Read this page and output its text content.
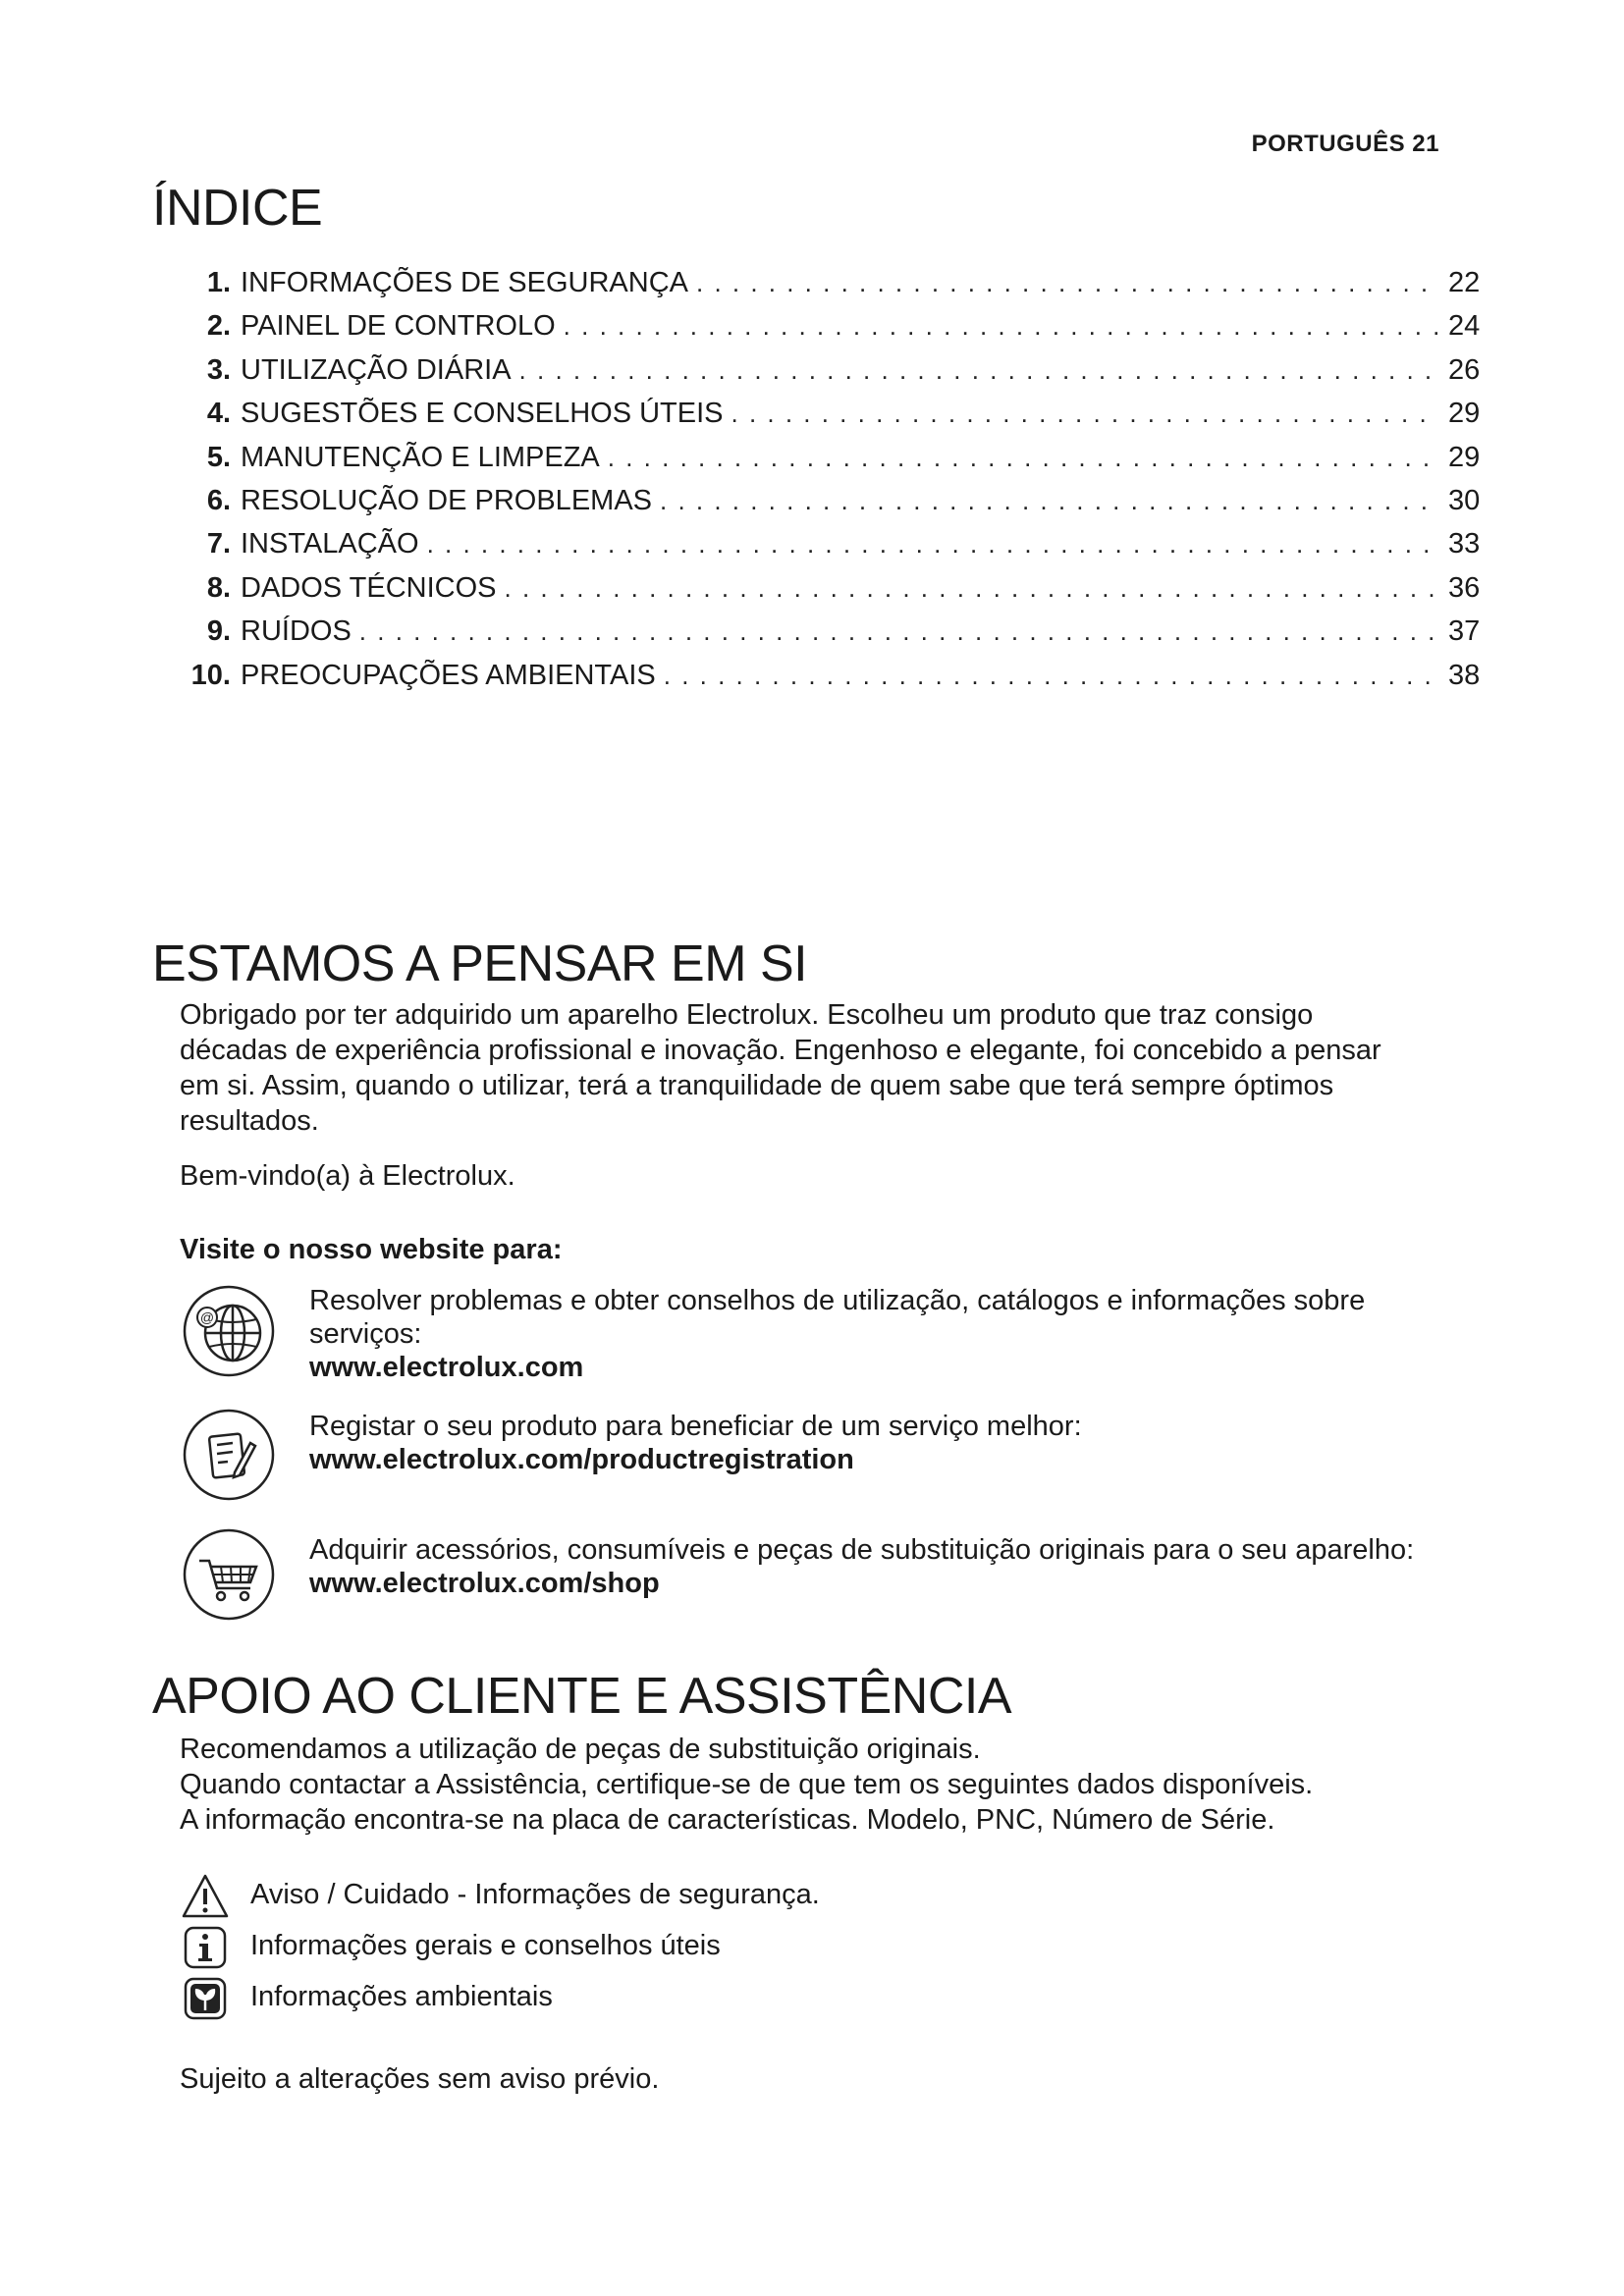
PORTUGUÊS 21
ÍNDICE
1. INFORMAÇÕES DE SEGURANÇA . . .	22
2. PAINEL DE CONTROLO . . .	24
3. UTILIZAÇÃO DIÁRIA . . .	26
4. SUGESTÕES E CONSELHOS ÚTEIS . . .	29
5. MANUTENÇÃO E LIMPEZA . . .	29
6. RESOLUÇÃO DE PROBLEMAS . . .	30
7. INSTALAÇÃO . . .	33
8. DADOS TÉCNICOS . . .	36
9. RUÍDOS . . .	37
10. PREOCUPAÇÕES AMBIENTAIS . . .	38
ESTAMOS A PENSAR EM SI

Obrigado por ter adquirido um aparelho Electrolux. Escolheu um produto que traz consigo
décadas de experiência profissional e inovação. Engenhoso e elegante, foi concebido a pensar
em si. Assim, quando o utilizar, terá a tranquilidade de quem sabe que terá sempre óptimos
resultados.

Bem-vindo(a) à Electrolux.

Visite o nosso website para:

@
Resolver problemas e obter conselhos de utilização, catálogos e informações sobre
serviços:
www.electrolux.com
Registar o seu produto para beneficiar de um serviço melhor:
www.electrolux.com/productregistration
Adquirir acessórios, consumíveis e peças de substituição originais para o seu aparelho:
www.electrolux.com/shop
APOIO AO CLIENTE E ASSISTÊNCIA

Recomendamos a utilização de peças de substituição originais.
Quando contactar a Assistência, certifique-se de que tem os seguintes dados disponíveis.
A informação encontra-se na placa de características. Modelo, PNC, Número de Série.

Aviso / Cuidado - Informações de segurança.
Informações gerais e conselhos úteis
Informações ambientais

Sujeito a alterações sem aviso prévio.
